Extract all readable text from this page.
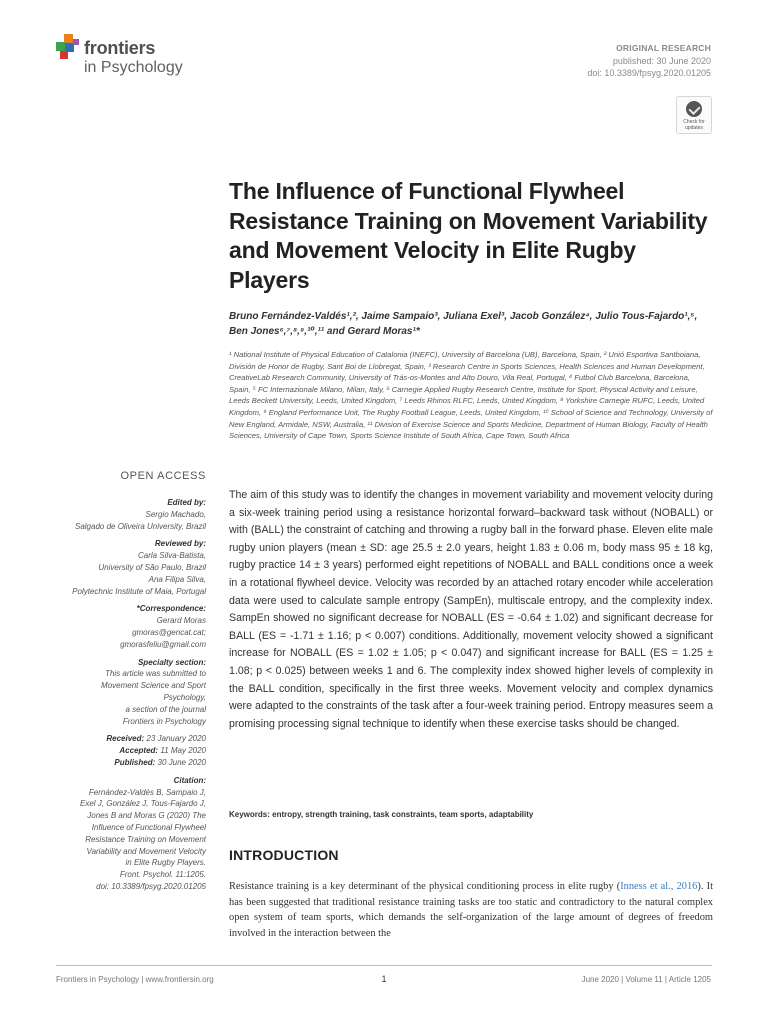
frontiers
in Psychology
ORIGINAL RESEARCH
published: 30 June 2020
doi: 10.3389/fpsyg.2020.01205
Check for updates
The Influence of Functional Flywheel Resistance Training on Movement Variability and Movement Velocity in Elite Rugby Players
Bruno Fernández-Valdés¹,², Jaime Sampaio³, Juliana Exel³, Jacob González⁴, Julio Tous-Fajardo¹,⁵, Ben Jones⁶,⁷,⁸,⁹,¹⁰,¹¹ and Gerard Moras¹*
¹ National Institute of Physical Education of Catalonia (INEFC), University of Barcelona (UB), Barcelona, Spain, ² Unió Esportiva Santboiana, División de Honor de Rugby, Sant Boi de Llobregat, Spain, ³ Research Centre in Sports Sciences, Health Sciences and Human Development, CreativeLab Research Community, University of Trás-os-Montes and Alto Douro, Vila Real, Portugal, ⁴ Futbol Club Barcelona, Barcelona, Spain, ⁵ FC Internazionale Milano, Milan, Italy, ⁶ Carnegie Applied Rugby Research Centre, Institute for Sport, Physical Activity and Leisure, Leeds Beckett University, Leeds, United Kingdom, ⁷ Leeds Rhinos RLFC, Leeds, United Kingdom, ⁸ Yorkshire Carnegie RUFC, Leeds, United Kingdom, ⁹ England Performance Unit, The Rugby Football League, Leeds, United Kingdom, ¹⁰ School of Science and Technology, University of New England, Armidale, NSW, Australia, ¹¹ Division of Exercise Science and Sports Medicine, Department of Human Biology, Faculty of Health Sciences, University of Cape Town, Sports Science Institute of South Africa, Cape Town, South Africa
OPEN ACCESS
Edited by:
Sergio Machado,
Salgado de Oliveira University, Brazil
Reviewed by:
Carla Silva-Batista,
University of São Paulo, Brazil
Ana Filipa Silva,
Polytechnic Institute of Maia, Portugal
*Correspondence:
Gerard Moras
gmoras@gencat.cat;
gmorasfeliu@gmail.com
Specialty section:
This article was submitted to
Movement Science and Sport
Psychology,
a section of the journal
Frontiers in Psychology
Received: 23 January 2020
Accepted: 11 May 2020
Published: 30 June 2020
Citation:
Fernández-Valdés B, Sampaio J,
Exel J, González J, Tous-Fajardo J,
Jones B and Moras G (2020) The
Influence of Functional Flywheel
Resistance Training on Movement
Variability and Movement Velocity
in Elite Rugby Players.
Front. Psychol. 11:1205.
doi: 10.3389/fpsyg.2020.01205

The aim of this study was to identify the changes in movement variability and movement velocity during a six-week training period using a resistance horizontal forward–backward task without (NOBALL) or with (BALL) the constraint of catching and throwing a rugby ball in the forward phase. Eleven elite male rugby union players (mean ± SD: age 25.5 ± 2.0 years, height 1.83 ± 0.06 m, body mass 95 ± 18 kg, rugby practice 14 ± 3 years) performed eight repetitions of NOBALL and BALL conditions once a week in a rotational flywheel device. Velocity was recorded by an attached rotary encoder while acceleration data were used to calculate sample entropy (SampEn), multiscale entropy, and the complexity index. SampEn showed no significant decrease for NOBALL (ES = -0.64 ± 1.02) and significant decrease for BALL (ES = -1.71 ± 1.16; p < 0.007) conditions. Additionally, movement velocity showed a significant increase for NOBALL (ES = 1.02 ± 1.05; p < 0.047) and significant increase for BALL (ES = 1.25 ± 1.08; p < 0.025) between weeks 1 and 6. The complexity index showed higher levels of complexity in the BALL condition, specifically in the first three weeks. Movement velocity and complex dynamics were adapted to the constraints of the task after a four-week training period. Entropy measures seem a promising processing signal technique to identify when these exercise tasks should be changed.

Keywords: entropy, strength training, task constraints, team sports, adaptability
INTRODUCTION

Resistance training is a key determinant of the physical conditioning process in elite rugby (Inness et al., 2016). It has been suggested that traditional resistance training tasks are too static and contradictory to the natural complex open system of team sports, which demands the self-organization of the large amount of degrees of freedom involved in the interaction between the

Frontiers in Psychology | www.frontiersin.org	1	June 2020 | Volume 11 | Article 1205
